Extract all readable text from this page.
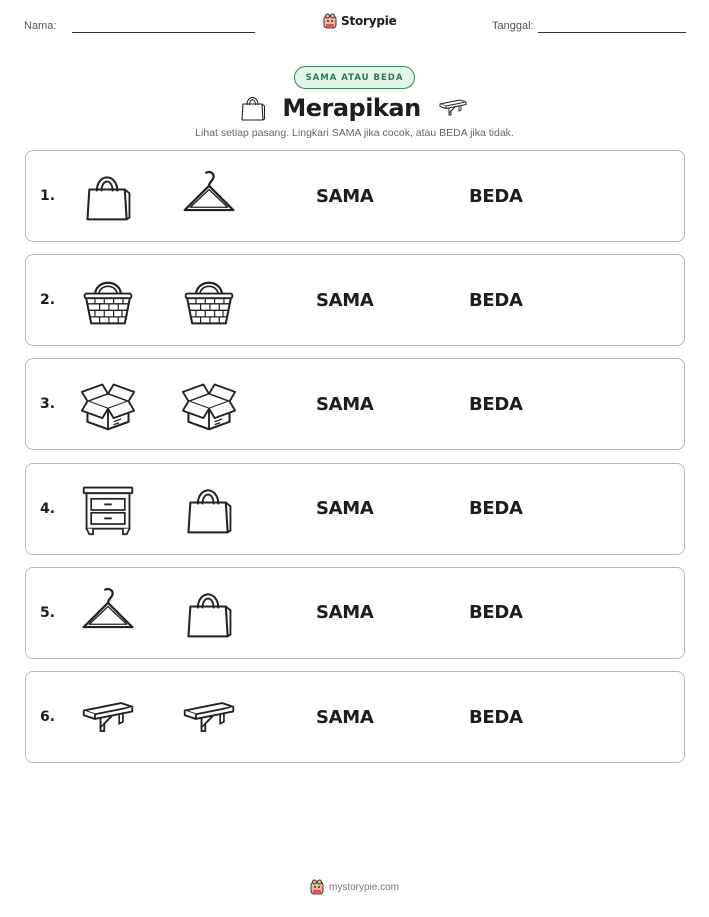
Nama:	Storypie	Tanggal:
SAMA ATAU BEDA
Merapikan
Lihat setiap pasang. Lingkari SAMA jika cocok, atau BEDA jika tidak.
1.	SAMA	BEDA
2.	SAMA	BEDA
3.	SAMA	BEDA
4.	SAMA	BEDA
5.	SAMA	BEDA
6.	SAMA	BEDA
mystorypie.com
